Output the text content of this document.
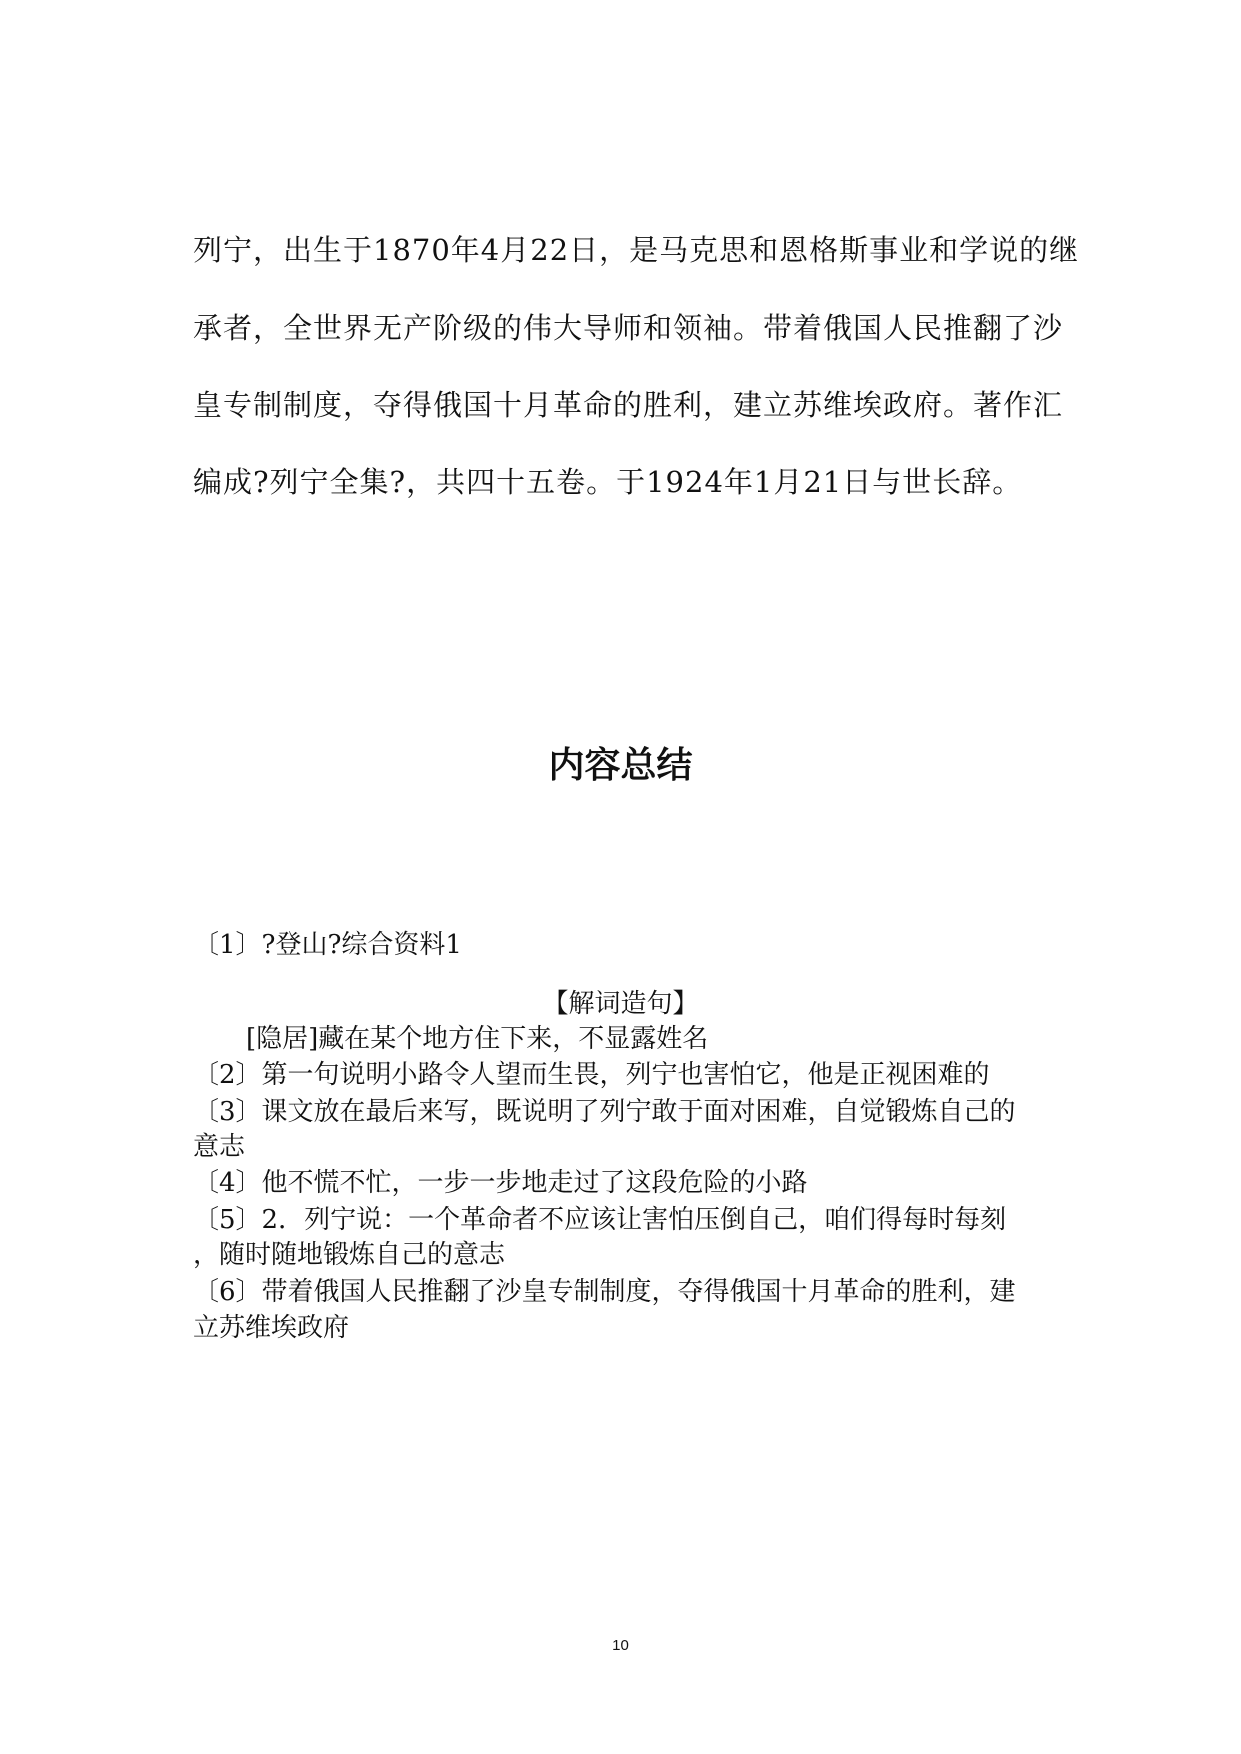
列宁，出生于1870年4月22日，是马克思和恩格斯事业和学说的继

承者，全世界无产阶级的伟大导师和领袖。带着俄国人民推翻了沙

皇专制制度，夺得俄国十月革命的胜利，建立苏维埃政府。著作汇

编成?列宁全集?，共四十五卷。于1924年1月21日与世长辞。

内容总结

〔1〕?登山?综合资料1

【解词造句】

[隐居]藏在某个地方住下来，不显露姓名

〔2〕第一句说明小路令人望而生畏，列宁也害怕它，他是正视困难的

〔3〕课文放在最后来写，既说明了列宁敢于面对困难，自觉锻炼自己的

意志

〔4〕他不慌不忙，一步一步地走过了这段危险的小路

〔5〕2．列宁说：一个革命者不应该让害怕压倒自己，咱们得每时每刻

，随时随地锻炼自己的意志

〔6〕带着俄国人民推翻了沙皇专制制度，夺得俄国十月革命的胜利，建

立苏维埃政府

10
